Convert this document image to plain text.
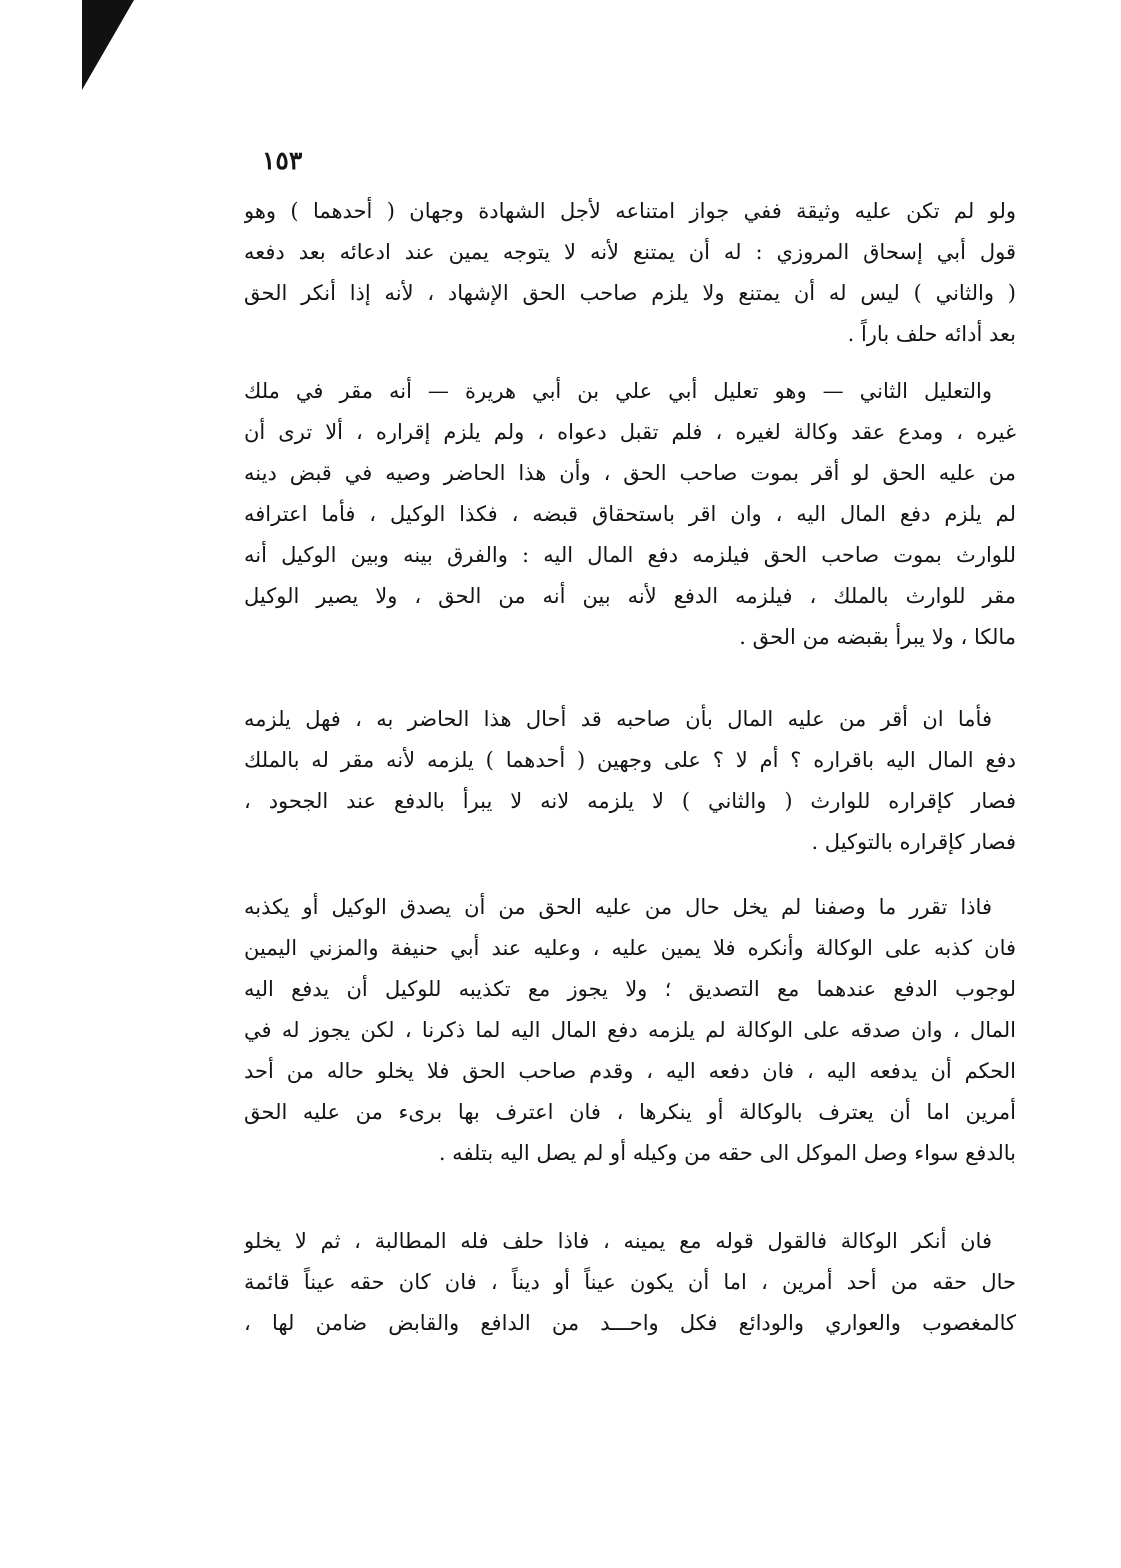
١٥٣
ولو لم تكن عليه وثيقة ففي جواز امتناعه لأجل الشهادة وجهان ( أحدهما ) وهو
قول أبي إسحاق المروزي : له أن يمتنع لأنه لا يتوجه يمين عند ادعائه بعد دفعه
( والثاني ) ليس له أن يمتنع ولا يلزم صاحب الحق الإشهاد ، لأنه إذا أنكر الحق
بعد أدائه حلف باراً .
والتعليل الثاني — وهو تعليل أبي علي بن أبي هريرة — أنه مقر في ملك
غيره ، ومدع عقد وكالة لغيره ، فلم تقبل دعواه ، ولم يلزم إقراره ، ألا ترى أن
من عليه الحق لو أقر بموت صاحب الحق ، وأن هذا الحاضر وصيه في قبض دينه
لم يلزم دفع المال اليه ، وان اقر باستحقاق قبضه ، فكذا الوكيل ، فأما اعترافه
للوارث بموت صاحب الحق فيلزمه دفع المال اليه : والفرق بينه وبين الوكيل أنه
مقر للوارث بالملك ، فيلزمه الدفع لأنه بين أنه من الحق ، ولا يصير الوكيل
مالكا ، ولا يبرأ بقبضه من الحق .
فأما ان أقر من عليه المال بأن صاحبه قد أحال هذا الحاضر به ، فهل يلزمه
دفع المال اليه باقراره ؟ أم لا ؟ على وجهين ( أحدهما ) يلزمه لأنه مقر له بالملك
فصار كإقراره للوارث ( والثاني ) لا يلزمه لانه لا يبرأ بالدفع عند الجحود ،
فصار كإقراره بالتوكيل .
فاذا تقرر ما وصفنا لم يخل حال من عليه الحق من أن يصدق الوكيل أو يكذبه
فان كذبه على الوكالة وأنكره فلا يمين عليه ، وعليه عند أبي حنيفة والمزني اليمين
لوجوب الدفع عندهما مع التصديق ؛ ولا يجوز مع تكذيبه للوكيل أن يدفع اليه
المال ، وان صدقه على الوكالة لم يلزمه دفع المال اليه لما ذكرنا ، لكن يجوز له في
الحكم أن يدفعه اليه ، فان دفعه اليه ، وقدم صاحب الحق فلا يخلو حاله من أحد
أمرين اما أن يعترف بالوكالة أو ينكرها ، فان اعترف بها برىء من عليه الحق
بالدفع سواء وصل الموكل الى حقه من وكيله أو لم يصل اليه بتلفه .
فان أنكر الوكالة فالقول قوله مع يمينه ، فاذا حلف فله المطالبة ، ثم لا يخلو
حال حقه من أحد أمرين ، اما أن يكون عيناً أو ديناً ، فان كان حقه عيناً قائمة
كالمغصوب والعواري والودائع فكل واحـــد من الدافع والقابض ضامن لها ،
